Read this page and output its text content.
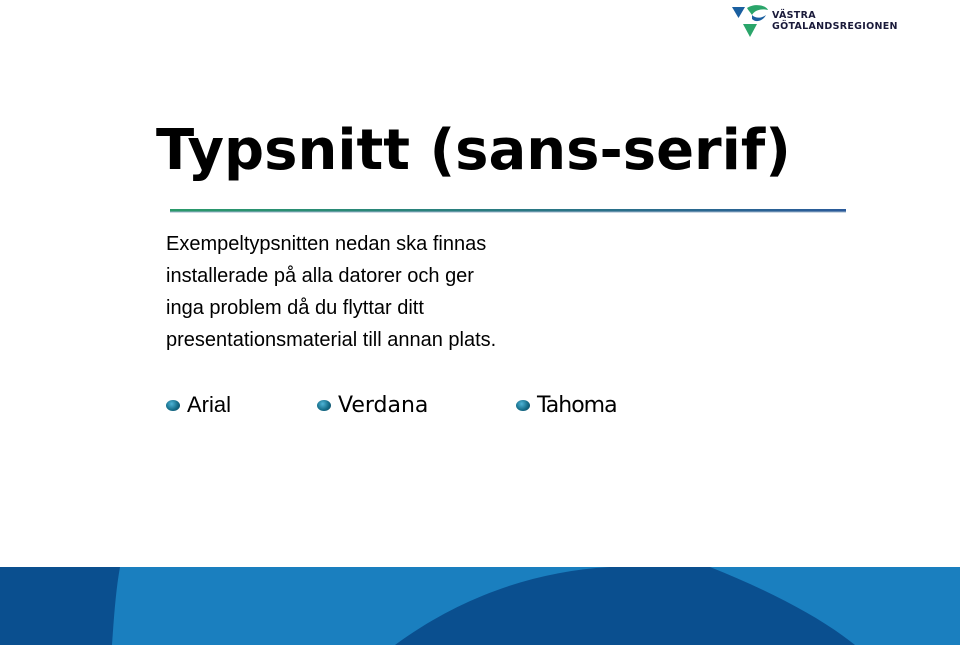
VÄSTRA
GÖTALANDSREGIONEN
Typsnitt (sans-serif)

Exempeltypsnitten nedan ska finnas
installerade på alla datorer och ger
inga problem då du flyttar ditt
presentationsmaterial till annan plats.

Arial	Verdana	Tahoma
